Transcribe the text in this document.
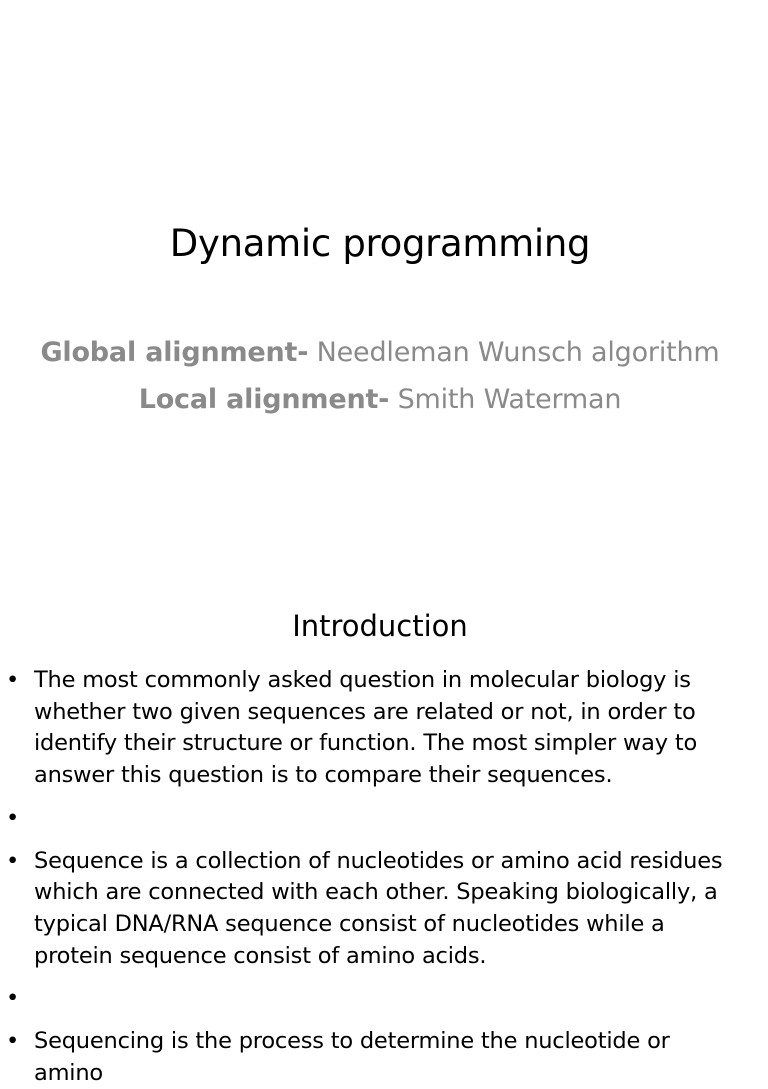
Dynamic programming
Global alignment- Needleman Wunsch algorithm
Local alignment- Smith Waterman
Introduction
• The most commonly asked question in molecular biology is whether two given sequences are related or not, in order to identify their structure or function. The most simpler way to answer this question is to compare their sequences.
•
• Sequence is a collection of nucleotides or amino acid residues which are connected with each other. Speaking biologically, a typical DNA/RNA sequence consist of nucleotides while a protein sequence consist of amino acids.
•
• Sequencing is the process to determine the nucleotide or amino
